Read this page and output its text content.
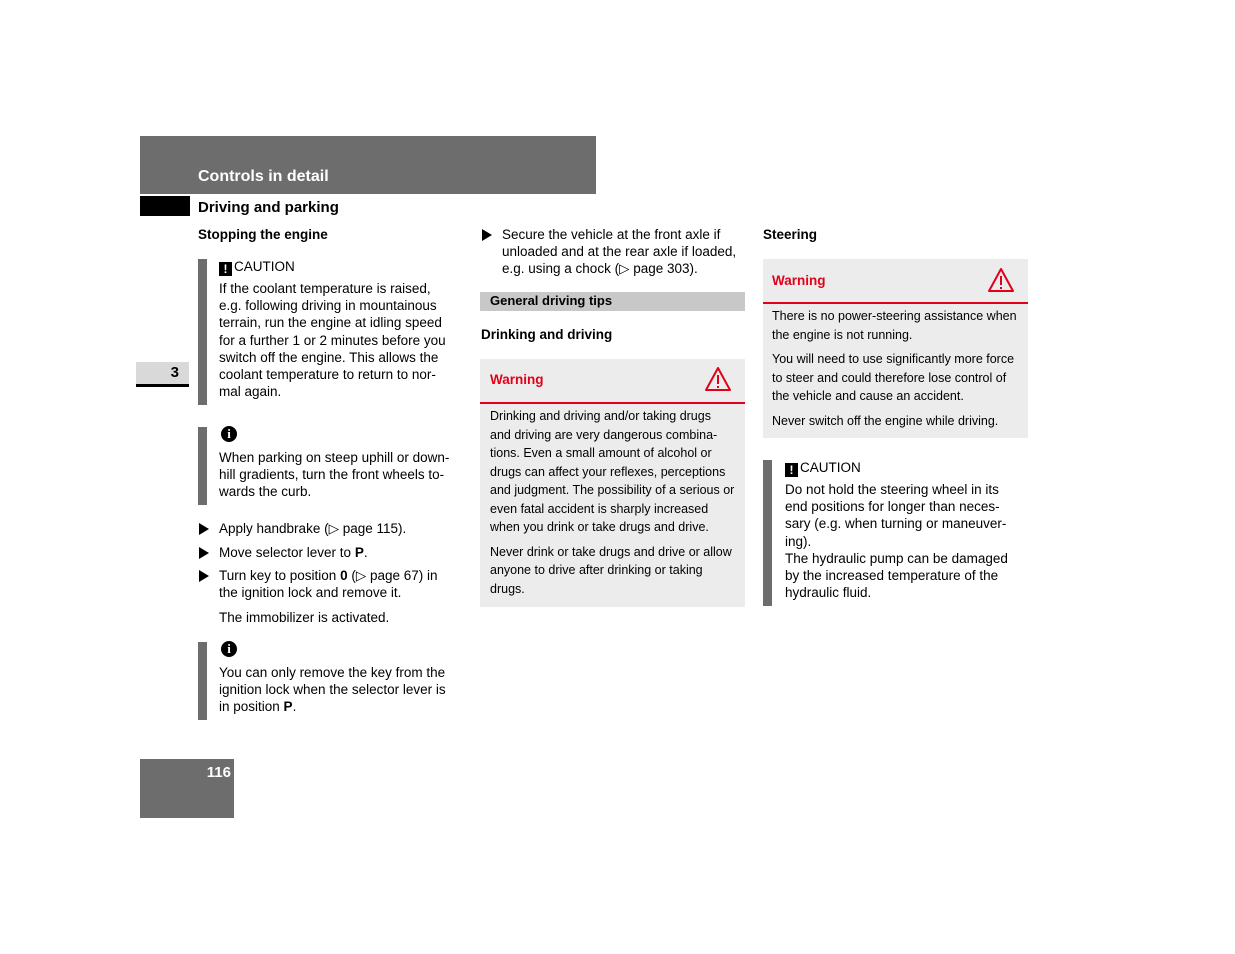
Controls in detail
Driving and parking
3
116
Stopping the engine
! CAUTION
If the coolant temperature is raised,
e.g. following driving in mountainous
terrain, run the engine at idling speed
for a further 1 or 2 minutes before you
switch off the engine. This allows the
coolant temperature to return to nor-
mal again.
i
When parking on steep uphill or down-
hill gradients, turn the front wheels to-
wards the curb.
Apply handbrake (▷ page 115).
Move selector lever to P.
Turn key to position 0 (▷ page 67) in
the ignition lock and remove it.
The immobilizer is activated.
i
You can only remove the key from the
ignition lock when the selector lever is
in position P.
Secure the vehicle at the front axle if
unloaded and at the rear axle if loaded,
e.g. using a chock (▷ page 303).
General driving tips
Drinking and driving
Warning
Drinking and driving and/or taking drugs
and driving are very dangerous combina-
tions. Even a small amount of alcohol or
drugs can affect your reflexes, perceptions
and judgment. The possibility of a serious or
even fatal accident is sharply increased
when you drink or take drugs and drive.
Never drink or take drugs and drive or allow
anyone to drive after drinking or taking
drugs.
Steering
Warning
There is no power-steering assistance when
the engine is not running.
You will need to use significantly more force
to steer and could therefore lose control of
the vehicle and cause an accident.
Never switch off the engine while driving.
! CAUTION
Do not hold the steering wheel in its
end positions for longer than neces-
sary (e.g. when turning or maneuver-
ing).
The hydraulic pump can be damaged
by the increased temperature of the
hydraulic fluid.
